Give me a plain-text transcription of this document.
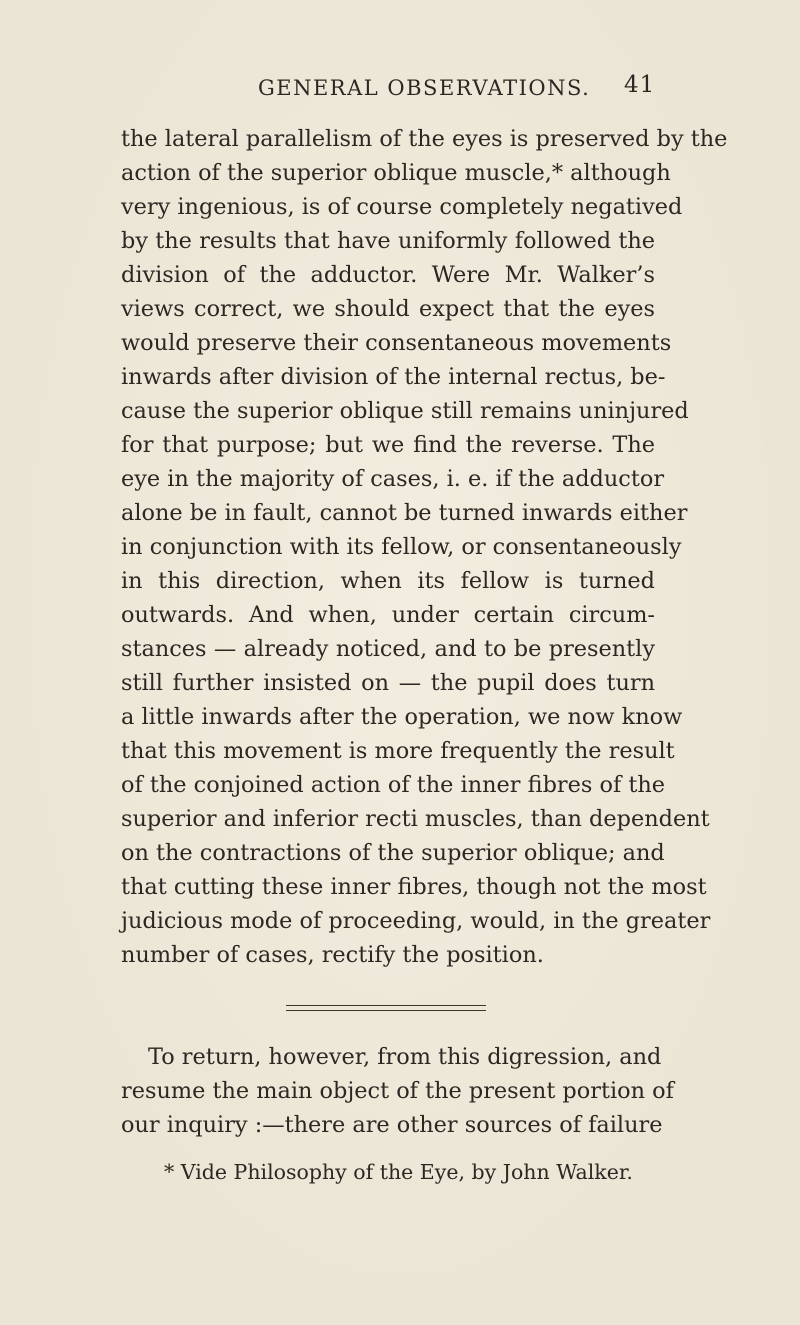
GENERAL OBSERVATIONS. 41
the lateral parallelism of the eyes is preserved by the
action of the superior oblique muscle,* although
very ingenious, is of course completely negatived
by the results that have uniformly followed the
division of the adductor. Were Mr. Walker’s
views correct, we should expect that the eyes
would preserve their consentaneous movements
inwards after division of the internal rectus, be-
cause the superior oblique still remains uninjured
for that purpose; but we find the reverse. The
eye in the majority of cases, i. e. if the adductor
alone be in fault, cannot be turned inwards either
in conjunction with its fellow, or consentaneously
in this direction, when its fellow is turned
outwards. And when, under certain circum-
stances — already noticed, and to be presently
still further insisted on — the pupil does turn
a little inwards after the operation, we now know
that this movement is more frequently the result
of the conjoined action of the inner fibres of the
superior and inferior recti muscles, than dependent
on the contractions of the superior oblique; and
that cutting these inner fibres, though not the most
judicious mode of proceeding, would, in the greater
number of cases, rectify the position.
To return, however, from this digression, and
resume the main object of the present portion of
our inquiry :—there are other sources of failure
* Vide Philosophy of the Eye, by John Walker.
